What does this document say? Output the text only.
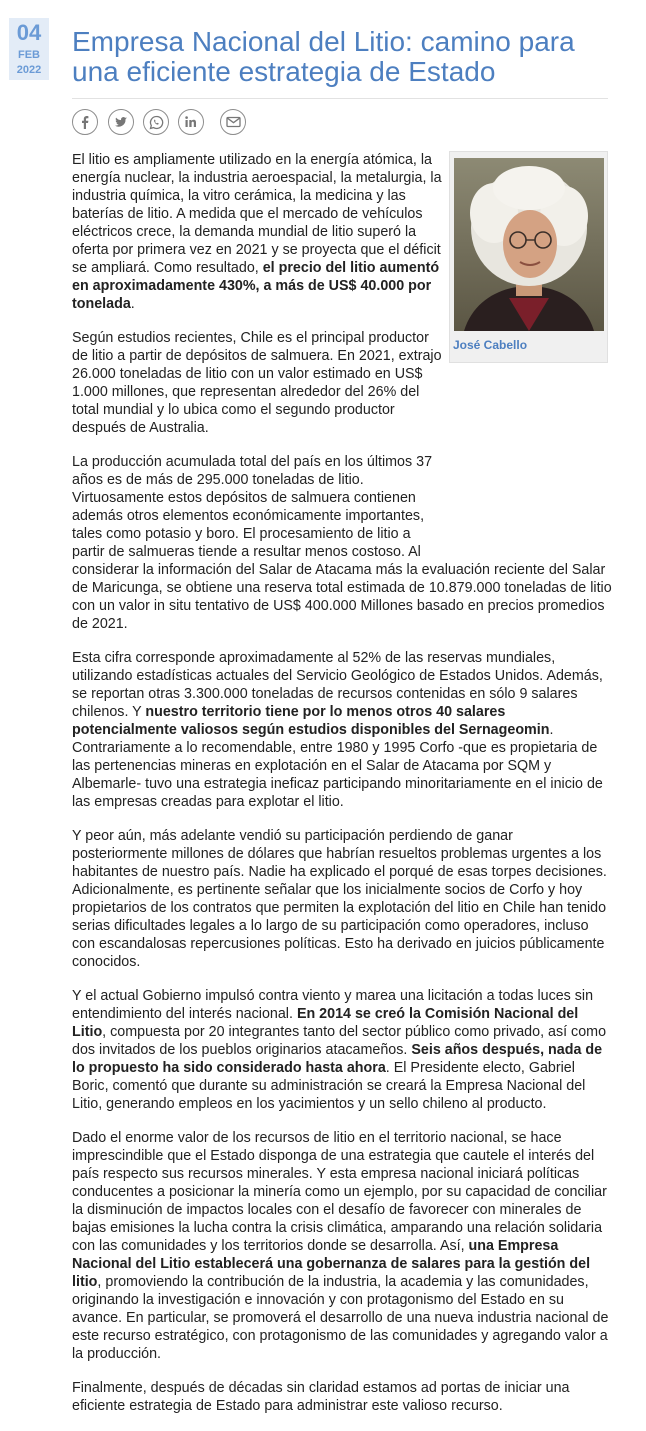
04
FEB
2022
Empresa Nacional del Litio: camino para una eficiente estrategia de Estado
José Cabello

El litio es ampliamente utilizado en la energía atómica, la energía nuclear, la industria aeroespacial, la metalurgia, la industria química, la vitro cerámica, la medicina y las baterías de litio. A medida que el mercado de vehículos eléctricos crece, la demanda mundial de litio superó la oferta por primera vez en 2021 y se proyecta que el déficit se ampliará. Como resultado, el precio del litio aumentó en aproximadamente 430%, a más de US$ 40.000 por tonelada.

Según estudios recientes, Chile es el principal productor de litio a partir de depósitos de salmuera. En 2021, extrajo 26.000 toneladas de litio con un valor estimado en US$ 1.000 millones, que representan alrededor del 26% del total mundial y lo ubica como el segundo productor después de Australia.

La producción acumulada total del país en los últimos 37 años es de más de 295.000 toneladas de litio. Virtuosamente estos depósitos de salmuera contienen además otros elementos económicamente importantes, tales como potasio y boro. El procesamiento de litio a partir de salmueras tiende a resultar menos costoso. Al considerar la información del Salar de Atacama más la evaluación reciente del Salar de Maricunga, se obtiene una reserva total estimada de 10.879.000 toneladas de litio con un valor in situ tentativo de US$ 400.000 Millones basado en precios promedios de 2021.

Esta cifra corresponde aproximadamente al 52% de las reservas mundiales, utilizando estadísticas actuales del Servicio Geológico de Estados Unidos. Además, se reportan otras 3.300.000 toneladas de recursos contenidas en sólo 9 salares chilenos. Y nuestro territorio tiene por lo menos otros 40 salares potencialmente valiosos según estudios disponibles del Sernageomin. Contrariamente a lo recomendable, entre 1980 y 1995 Corfo -que es propietaria de las pertenencias mineras en explotación en el Salar de Atacama por SQM y Albemarle- tuvo una estrategia ineficaz participando minoritariamente en el inicio de las empresas creadas para explotar el litio.

Y peor aún, más adelante vendió su participación perdiendo de ganar posteriormente millones de dólares que habrían resueltos problemas urgentes a los habitantes de nuestro país. Nadie ha explicado el porqué de esas torpes decisiones. Adicionalmente, es pertinente señalar que los inicialmente socios de Corfo y hoy propietarios de los contratos que permiten la explotación del litio en Chile han tenido serias dificultades legales a lo largo de su participación como operadores, incluso con escandalosas repercusiones políticas. Esto ha derivado en juicios públicamente conocidos.

Y el actual Gobierno impulsó contra viento y marea una licitación a todas luces sin entendimiento del interés nacional. En 2014 se creó la Comisión Nacional del Litio, compuesta por 20 integrantes tanto del sector público como privado, así como dos invitados de los pueblos originarios atacameños. Seis años después, nada de lo propuesto ha sido considerado hasta ahora. El Presidente electo, Gabriel Boric, comentó que durante su administración se creará la Empresa Nacional del Litio, generando empleos en los yacimientos y un sello chileno al producto.

Dado el enorme valor de los recursos de litio en el territorio nacional, se hace imprescindible que el Estado disponga de una estrategia que cautele el interés del país respecto sus recursos minerales. Y esta empresa nacional iniciará políticas conducentes a posicionar la minería como un ejemplo, por su capacidad de conciliar la disminución de impactos locales con el desafío de favorecer con minerales de bajas emisiones la lucha contra la crisis climática, amparando una relación solidaria con las comunidades y los territorios donde se desarrolla. Así, una Empresa Nacional del Litio establecerá una gobernanza de salares para la gestión del litio, promoviendo la contribución de la industria, la academia y las comunidades, originando la investigación e innovación y con protagonismo del Estado en su avance. En particular, se promoverá el desarrollo de una nueva industria nacional de este recurso estratégico, con protagonismo de las comunidades y agregando valor a la producción.

Finalmente, después de décadas sin claridad estamos ad portas de iniciar una eficiente estrategia de Estado para administrar este valioso recurso.
